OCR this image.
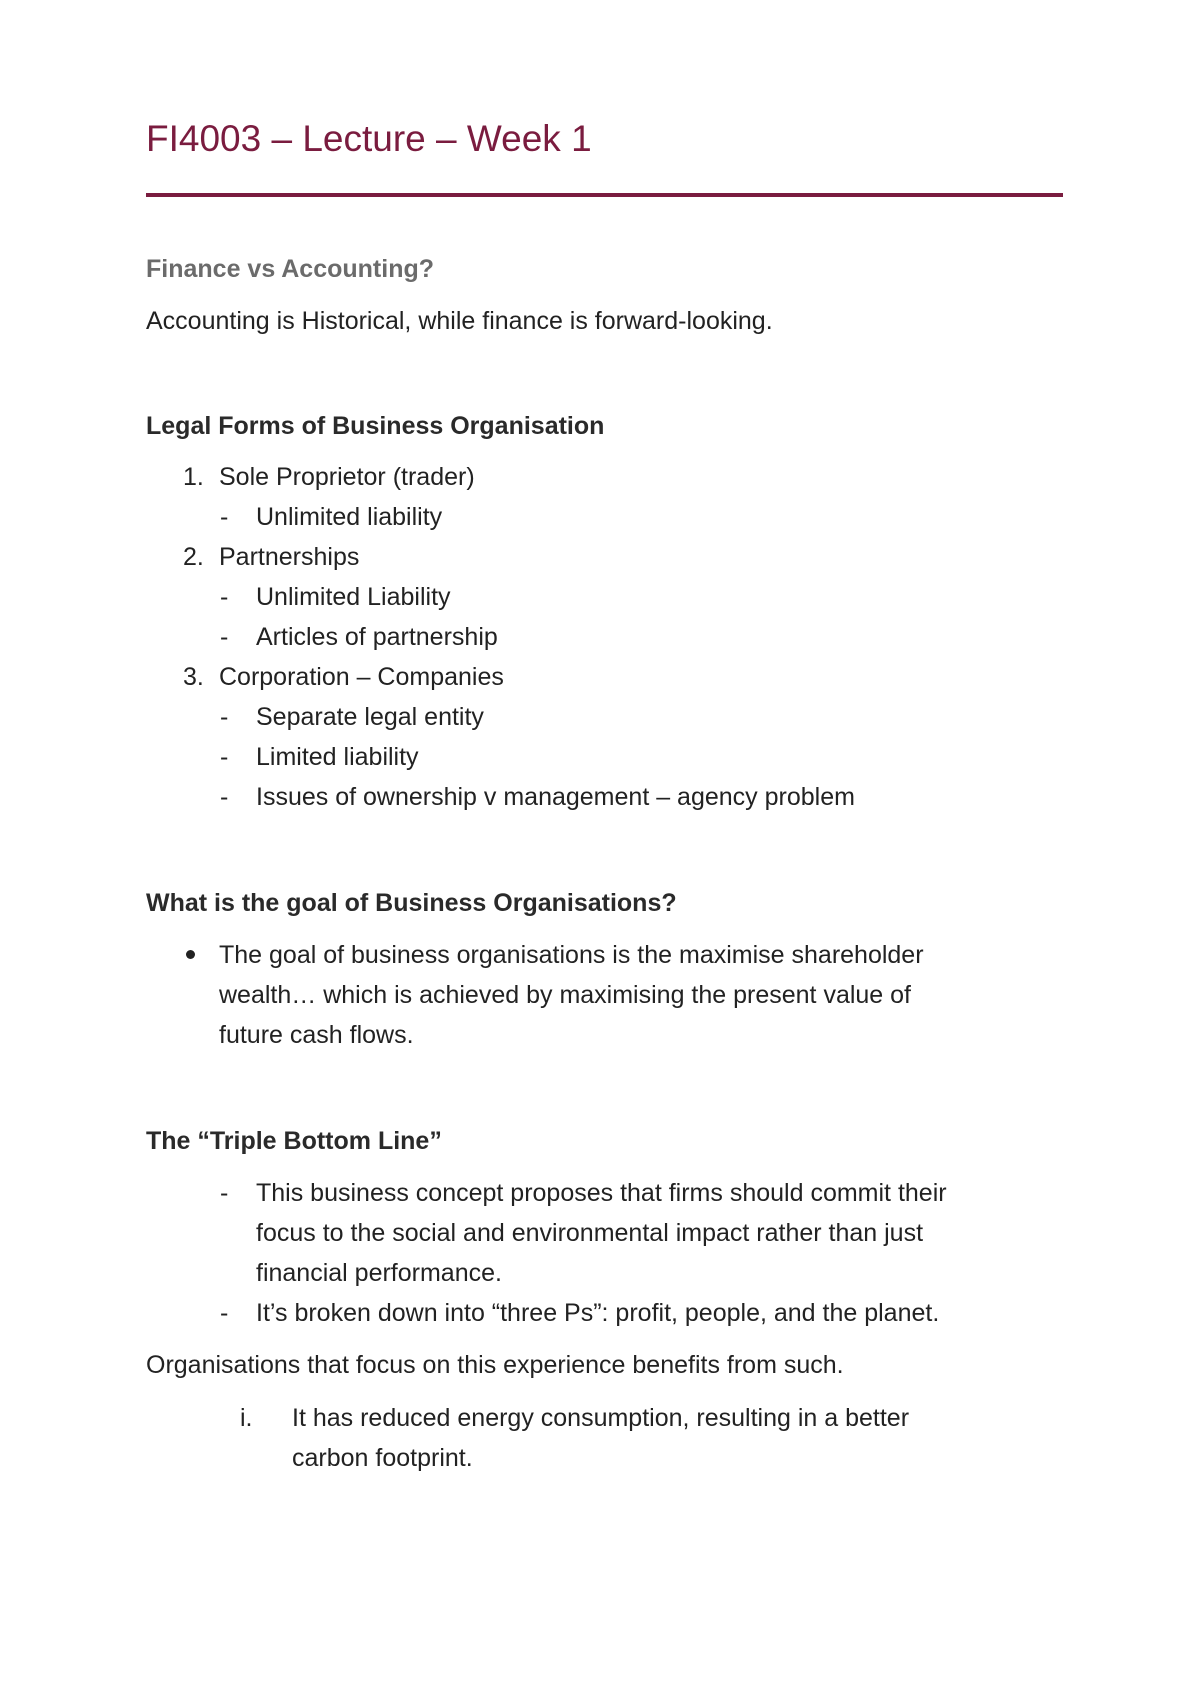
FI4003 – Lecture – Week 1
Finance vs Accounting?
Accounting is Historical, while finance is forward-looking.
Legal Forms of Business Organisation
1. Sole Proprietor (trader)
- Unlimited liability
2. Partnerships
- Unlimited Liability
- Articles of partnership
3. Corporation – Companies
- Separate legal entity
- Limited liability
- Issues of ownership v management – agency problem
What is the goal of Business Organisations?
The goal of business organisations is the maximise shareholder
wealth… which is achieved by maximising the present value of
future cash flows.
The “Triple Bottom Line”
- This business concept proposes that firms should commit their
focus to the social and environmental impact rather than just
financial performance.
- It’s broken down into “three Ps”: profit, people, and the planet.
Organisations that focus on this experience benefits from such.
i. It has reduced energy consumption, resulting in a better
carbon footprint.
